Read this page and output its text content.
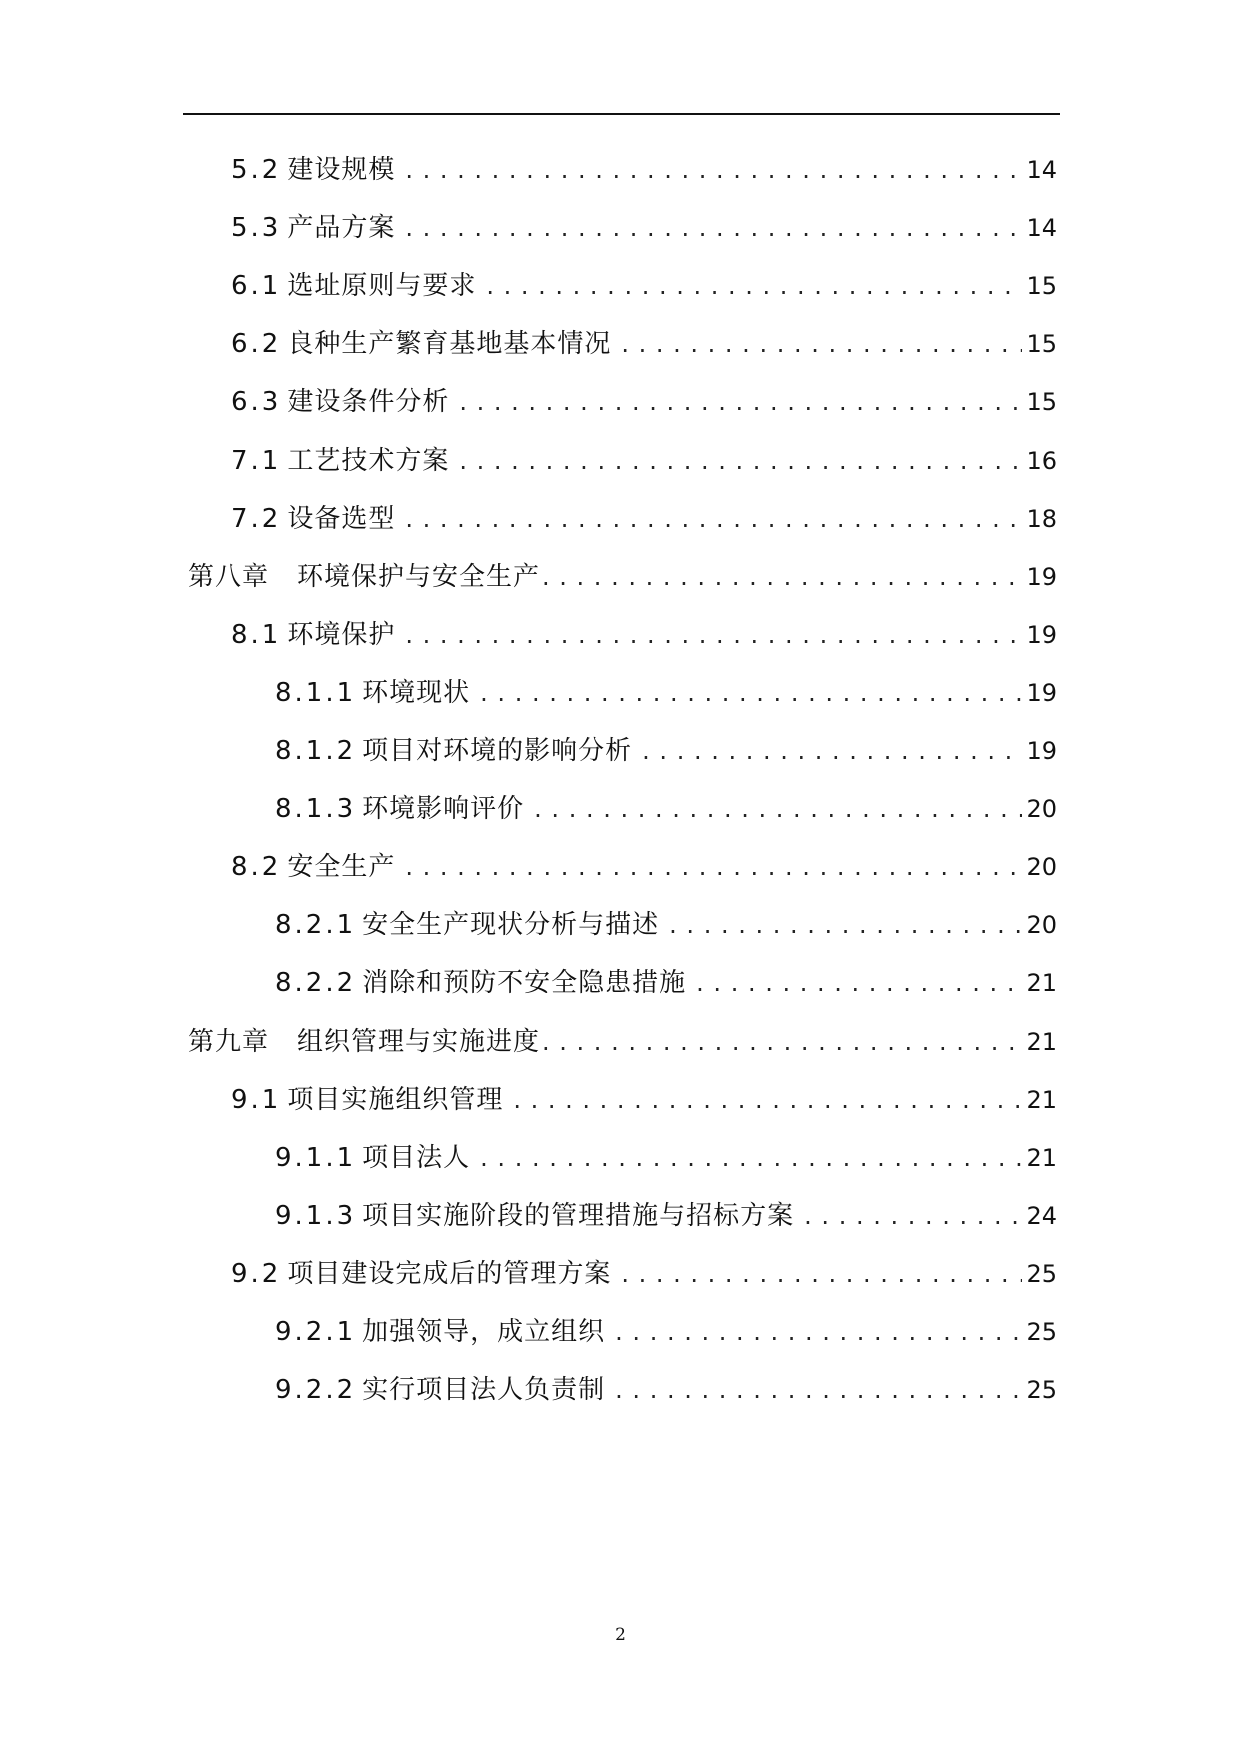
5.2 建设规模 . . .	14
5.3 产品方案 . . .	14
6.1 选址原则与要求 . . .	15
6.2 良种生产繁育基地基本情况 . . .	15
6.3 建设条件分析 . . .	15
7.1 工艺技术方案 . . .	16
7.2 设备选型 . . .	18
第八章 环境保护与安全生产 . . .	19
8.1 环境保护 . . .	19
8.1.1 环境现状 . . .	19
8.1.2 项目对环境的影响分析 . . .	19
8.1.3 环境影响评价 . . .	20
8.2 安全生产 . . .	20
8.2.1 安全生产现状分析与描述 . . .	20
8.2.2 消除和预防不安全隐患措施 . . .	21
第九章 组织管理与实施进度 . . .	21
9.1 项目实施组织管理 . . .	21
9.1.1 项目法人 . . .	21
9.1.3 项目实施阶段的管理措施与招标方案 . . .	24
9.2 项目建设完成后的管理方案 . . .	25
9.2.1 加强领导，成立组织 . . .	25
9.2.2 实行项目法人负责制 . . .	25
2
